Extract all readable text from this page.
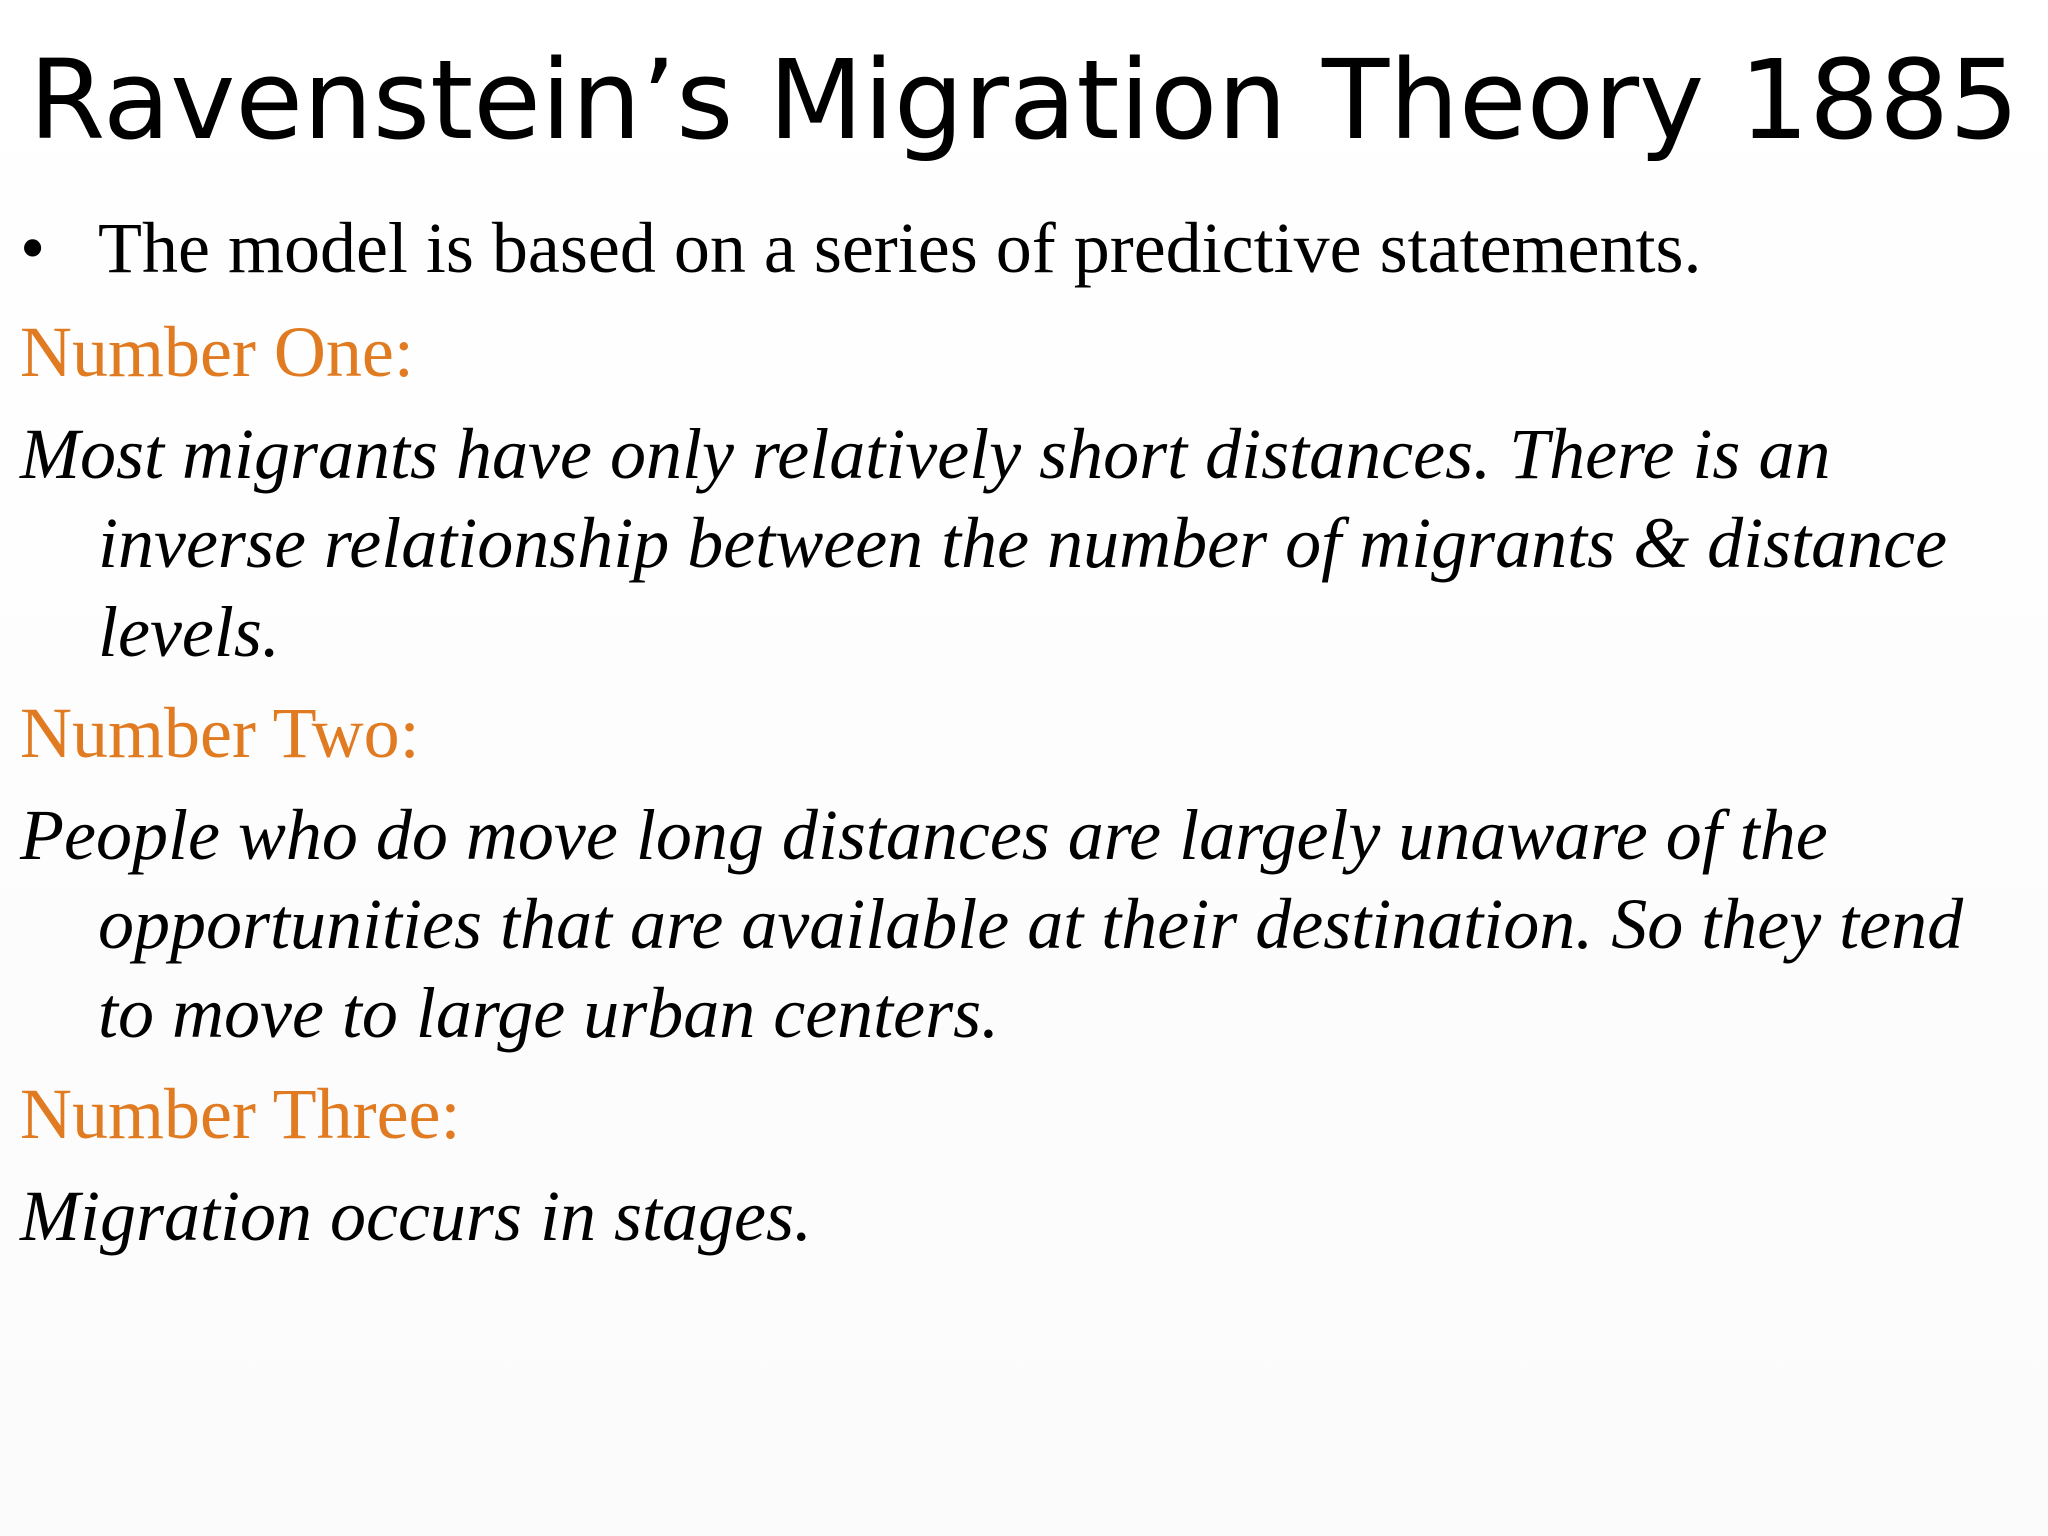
Ravenstein’s Migration Theory 1885
• The model is based on a series of predictive statements.
Number One:
Most migrants have only relatively short distances. There is an inverse relationship between the number of migrants & distance levels.
Number Two:
People who do move long distances are largely unaware of the opportunities that are available at their destination. So they tend to move to large urban centers.
Number Three:
Migration occurs in stages.
